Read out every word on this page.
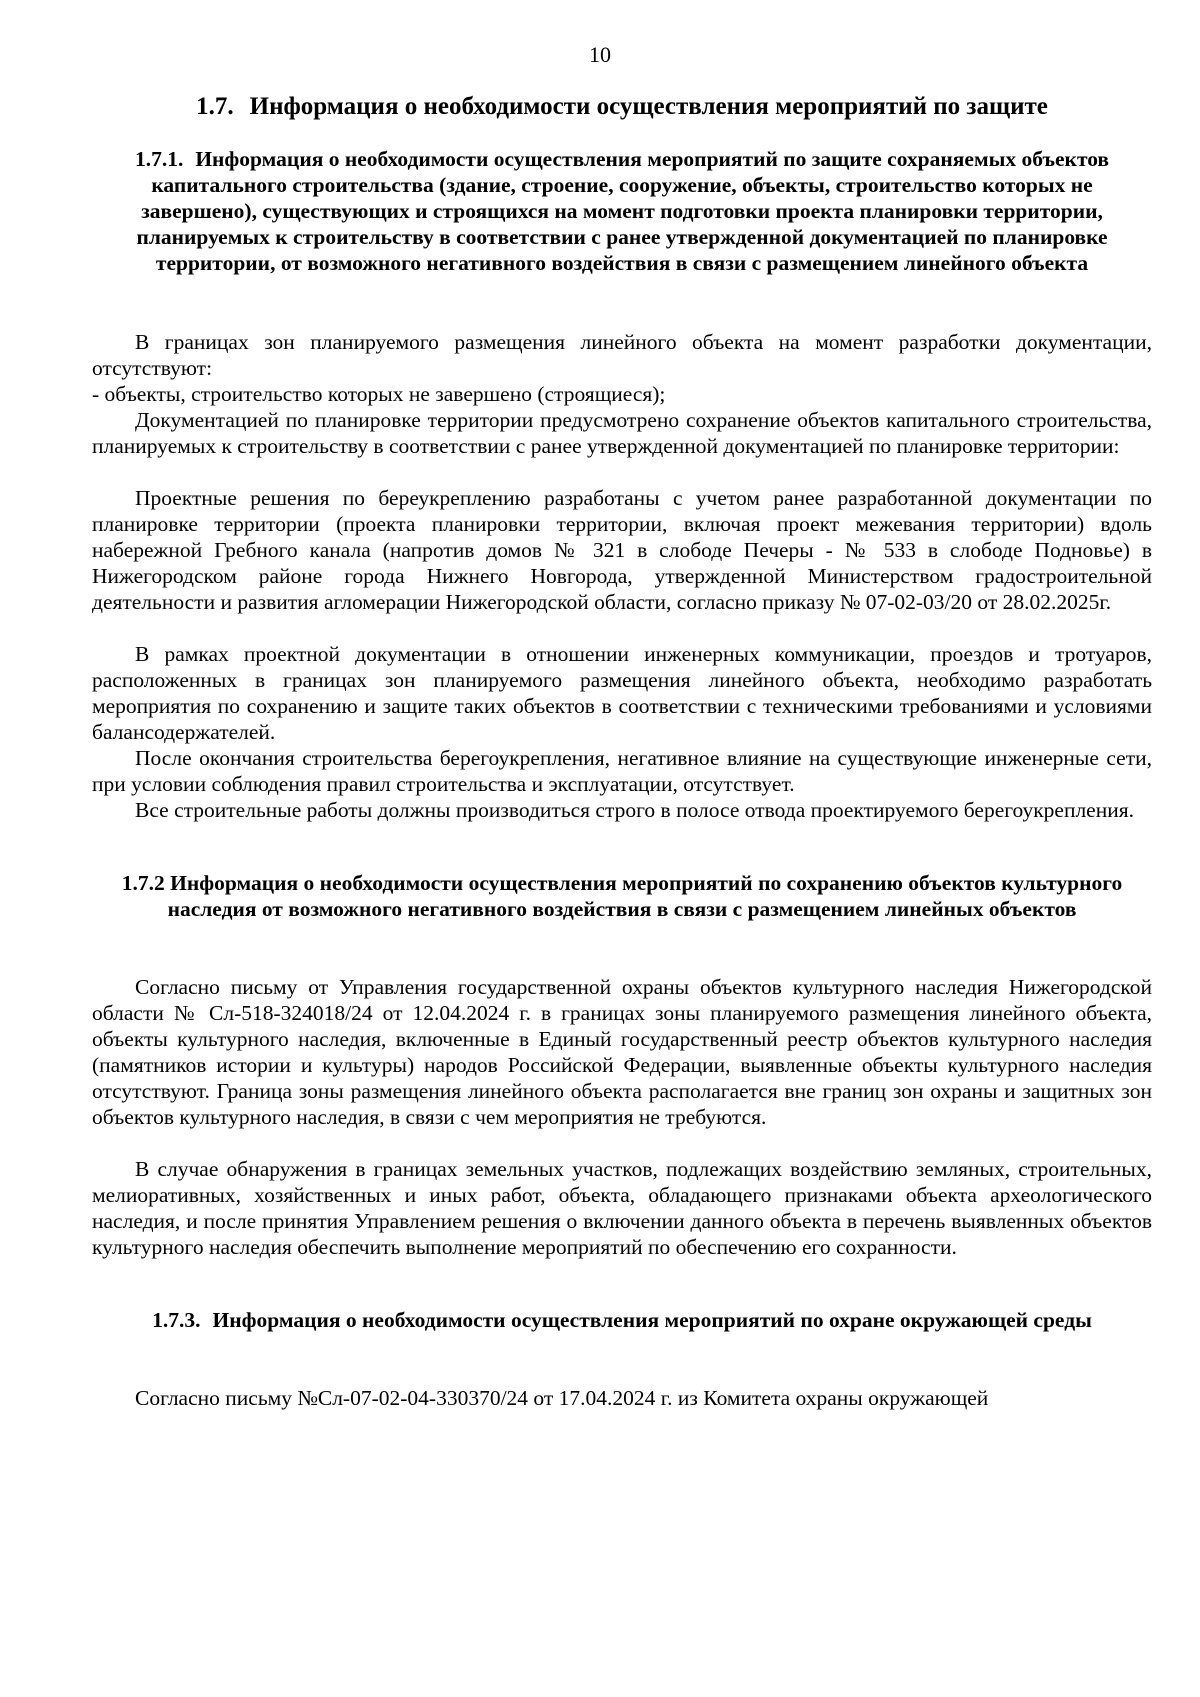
10
1.7. Информация о необходимости осуществления мероприятий по защите
1.7.1. Информация о необходимости осуществления мероприятий по защите сохраняемых объектов капитального строительства (здание, строение, сооружение, объекты, строительство которых не завершено), существующих и строящихся на момент подготовки проекта планировки территории, планируемых к строительству в соответствии с ранее утвержденной документацией по планировке территории, от возможного негативного воздействия в связи с размещением линейного объекта
В границах зон планируемого размещения линейного объекта на момент разработки документации, отсутствуют:
- объекты, строительство которых не завершено (строящиеся);
Документацией по планировке территории предусмотрено сохранение объектов капитального строительства, планируемых к строительству в соответствии с ранее утвержденной документацией по планировке территории:
Проектные решения по береукреплению разработаны с учетом ранее разработанной документации по планировке территории (проекта планировки территории, включая проект межевания территории) вдоль набережной Гребного канала (напротив домов № 321 в слободе Печеры - № 533 в слободе Подновье) в Нижегородском районе города Нижнего Новгорода, утвержденной Министерством градостроительной деятельности и развития агломерации Нижегородской области, согласно приказу № 07-02-03/20 от 28.02.2025г.
В рамках проектной документации в отношении инженерных коммуникации, проездов и тротуаров, расположенных в границах зон планируемого размещения линейного объекта, необходимо разработать мероприятия по сохранению и защите таких объектов в соответствии с техническими требованиями и условиями балансодержателей.
После окончания строительства берегоукрепления, негативное влияние на существующие инженерные сети, при условии соблюдения правил строительства и эксплуатации, отсутствует.
Все строительные работы должны производиться строго в полосе отвода проектируемого берегоукрепления.
1.7.2 Информация о необходимости осуществления мероприятий по сохранению объектов культурного наследия от возможного негативного воздействия в связи с размещением линейных объектов
Согласно письму от Управления государственной охраны объектов культурного наследия Нижегородской области № Сл-518-324018/24 от 12.04.2024 г. в границах зоны планируемого размещения линейного объекта, объекты культурного наследия, включенные в Единый государственный реестр объектов культурного наследия (памятников истории и культуры) народов Российской Федерации, выявленные объекты культурного наследия отсутствуют. Граница зоны размещения линейного объекта располагается вне границ зон охраны и защитных зон объектов культурного наследия, в связи с чем мероприятия не требуются.
В случае обнаружения в границах земельных участков, подлежащих воздействию земляных, строительных, мелиоративных, хозяйственных и иных работ, объекта, обладающего признаками объекта археологического наследия, и после принятия Управлением решения о включении данного объекта в перечень выявленных объектов культурного наследия обеспечить выполнение мероприятий по обеспечению его сохранности.
1.7.3. Информация о необходимости осуществления мероприятий по охране окружающей среды
Согласно письму №Сл-07-02-04-330370/24 от 17.04.2024 г. из Комитета охраны окружающей
